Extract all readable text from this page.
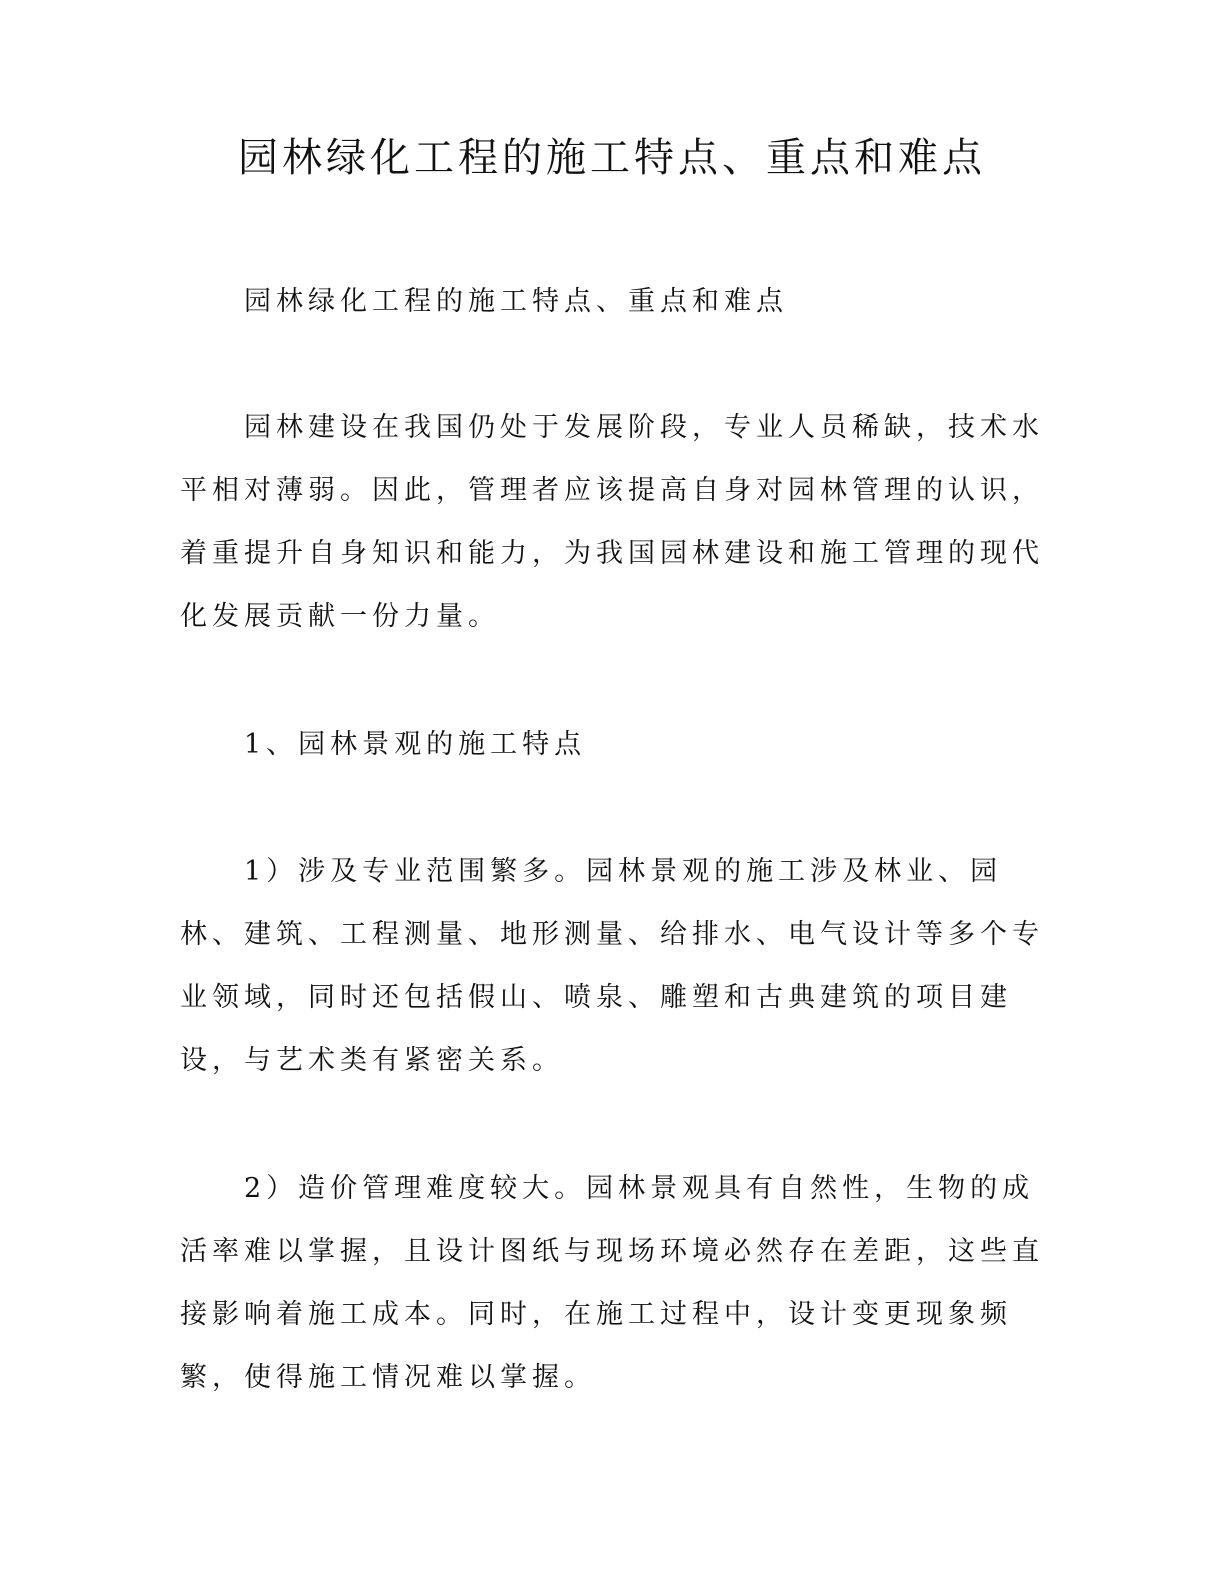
园林绿化工程的施工特点、重点和难点

园林绿化工程的施工特点、重点和难点

园林建设在我国仍处于发展阶段，专业人员稀缺，技术水平相对薄弱。因此，管理者应该提高自身对园林管理的认识，着重提升自身知识和能力，为我国园林建设和施工管理的现代化发展贡献一份力量。

1、园林景观的施工特点

1）涉及专业范围繁多。园林景观的施工涉及林业、园林、建筑、工程测量、地形测量、给排水、电气设计等多个专业领域，同时还包括假山、喷泉、雕塑和古典建筑的项目建设，与艺术类有紧密关系。

2）造价管理难度较大。园林景观具有自然性，生物的成活率难以掌握，且设计图纸与现场环境必然存在差距，这些直接影响着施工成本。同时，在施工过程中，设计变更现象频繁，使得施工情况难以掌握。
